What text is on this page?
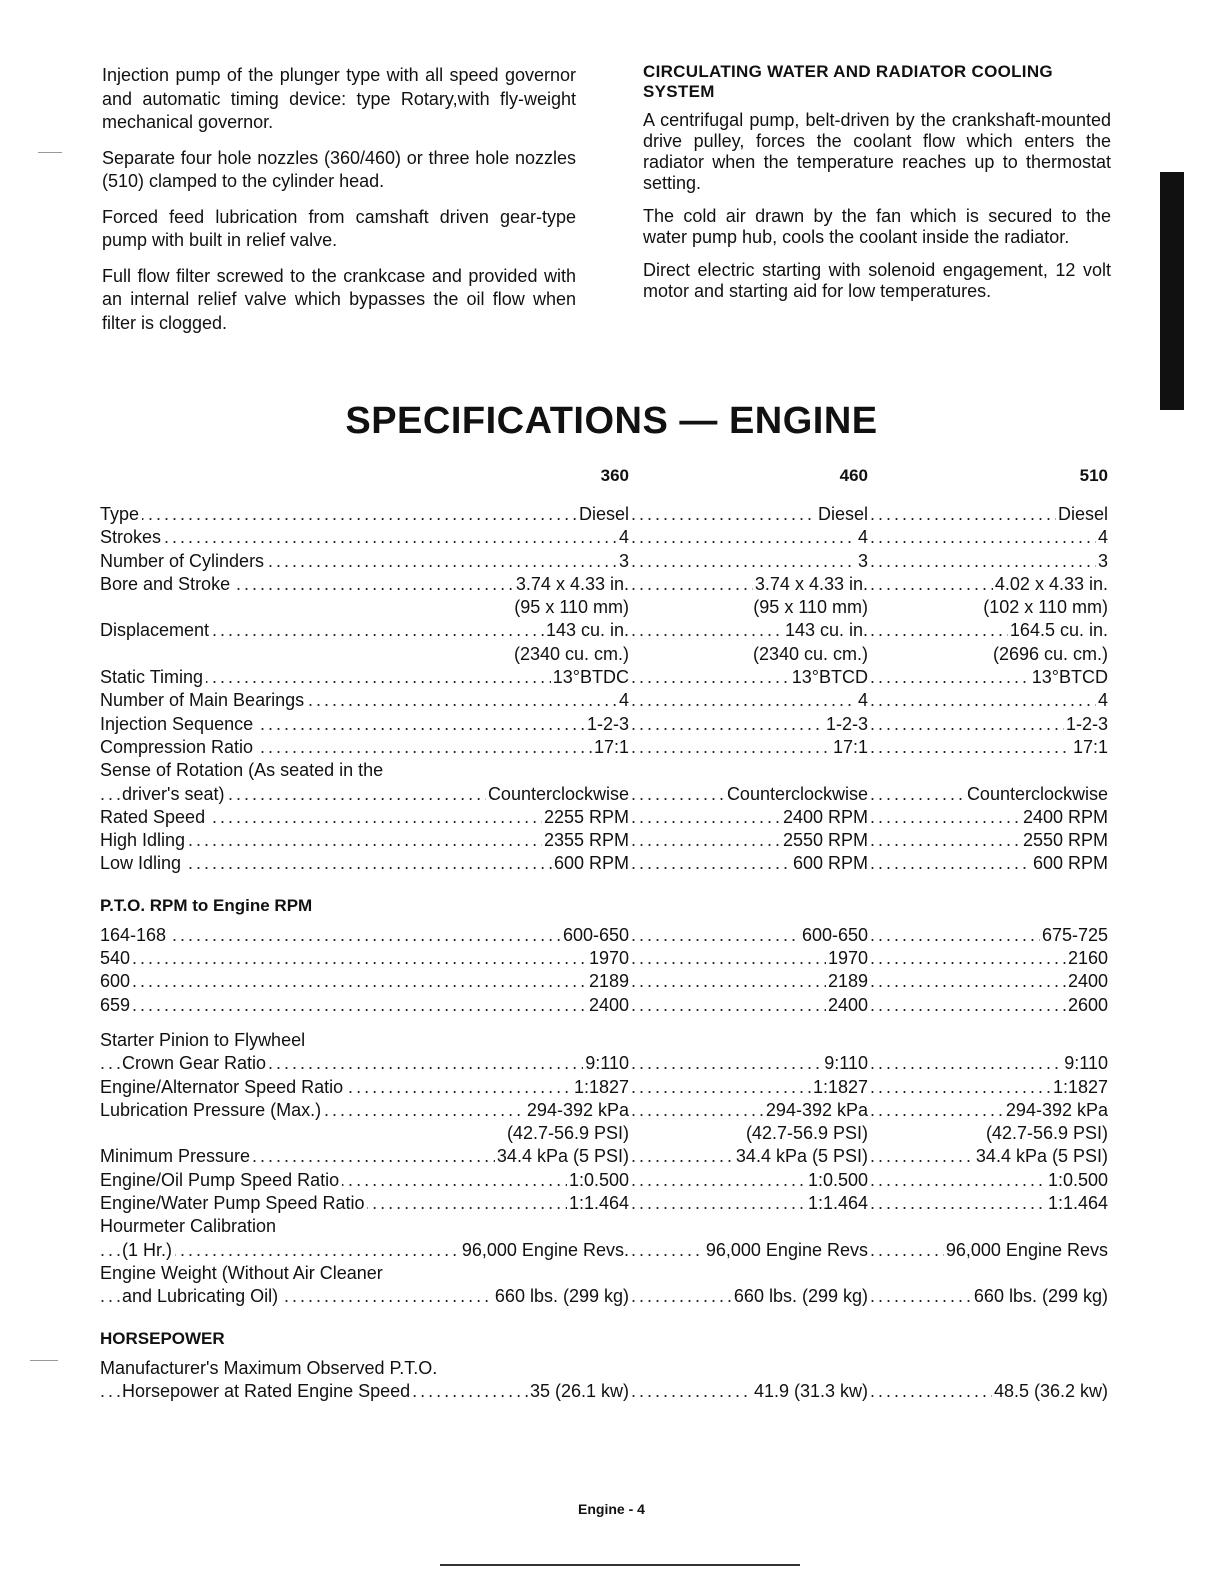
Injection pump of the plunger type with all speed governor and automatic timing device: type Rotary,with fly-weight mechanical governor.

Separate four hole nozzles (360/460) or three hole nozzles (510) clamped to the cylinder head.

Forced feed lubrication from camshaft driven gear-type pump with built in relief valve.

Full flow filter screwed to the crankcase and provided with an internal relief valve which bypasses the oil flow when filter is clogged.

CIRCULATING WATER AND RADIATOR COOLING SYSTEM

A centrifugal pump, belt-driven by the crankshaft-mounted drive pulley, forces the coolant flow which enters the radiator when the temperature reaches up to thermostat setting.

The cold air drawn by the fan which is secured to the water pump hub, cools the coolant inside the radiator.

Direct electric starting with solenoid engagement, 12 volt motor and starting aid for low temperatures.

SPECIFICATIONS — ENGINE
360	460	510
Type . . .	Diesel . . .	Diesel . . .	Diesel
Strokes . . .	4 . . .	4 . . .	4
Number of Cylinders . . .	3 . . .	3 . . .	3
Bore and Stroke . . .	3.74 x 4.33 in. . . .	3.74 x 4.33 in. . . .	4.02 x 4.33 in.
(95 x 110 mm)	(95 x 110 mm)	(102 x 110 mm)
Displacement . . .	143 cu. in. . . .	143 cu. in. . . .	164.5 cu. in.
(2340 cu. cm.)	(2340 cu. cm.)	(2696 cu. cm.)
Static Timing . . .	13°BTDC . . .	13°BTCD . . .	13°BTCD
Number of Main Bearings . . .	4 . . .	4 . . .	4
Injection Sequence . . .	1-2-3 . . .	1-2-3 . . .	1-2-3
Compression Ratio . . .	17:1 . . .	17:1 . . .	17:1
Sense of Rotation (As seated in the
driver's seat) . . .	Counterclockwise . . .	Counterclockwise . . .	Counterclockwise
Rated Speed . . .	2255 RPM . . .	2400 RPM . . .	2400 RPM
High Idling . . .	2355 RPM . . .	2550 RPM . . .	2550 RPM
Low Idling . . .	600 RPM . . .	600 RPM . . .	600 RPM
P.T.O. RPM to Engine RPM
164-168 . . .	600-650 . . .	600-650 . . .	675-725
540 . . .	1970 . . .	1970 . . .	2160
600 . . .	2189 . . .	2189 . . .	2400
659 . . .	2400 . . .	2400 . . .	2600
Starter Pinion to Flywheel
Crown Gear Ratio . . .	9:110 . . .	9:110 . . .	9:110
Engine/Alternator Speed Ratio . . .	1:1827 . . .	1:1827 . . .	1:1827
Lubrication Pressure (Max.) . . .	294-392 kPa . . .	294-392 kPa . . .	294-392 kPa
(42.7-56.9 PSI)	(42.7-56.9 PSI)	(42.7-56.9 PSI)
Minimum Pressure . . .	34.4 kPa (5 PSI) . . .	34.4 kPa (5 PSI) . . .	34.4 kPa (5 PSI)
Engine/Oil Pump Speed Ratio . . .	1:0.500 . . .	1:0.500 . . .	1:0.500
Engine/Water Pump Speed Ratio . . .	1:1.464 . . .	1:1.464 . . .	1:1.464
Hourmeter Calibration
(1 Hr.) . . .	96,000 Engine Revs. . . .	96,000 Engine Revs . . .	96,000 Engine Revs
Engine Weight (Without Air Cleaner
and Lubricating Oil) . . .	660 lbs. (299 kg) . . .	660 lbs. (299 kg) . . .	660 lbs. (299 kg)
HORSEPOWER
Manufacturer's Maximum Observed P.T.O.
Horsepower at Rated Engine Speed . . .	35 (26.1 kw) . . .	41.9 (31.3 kw) . . .	48.5 (36.2 kw)
Engine - 4
